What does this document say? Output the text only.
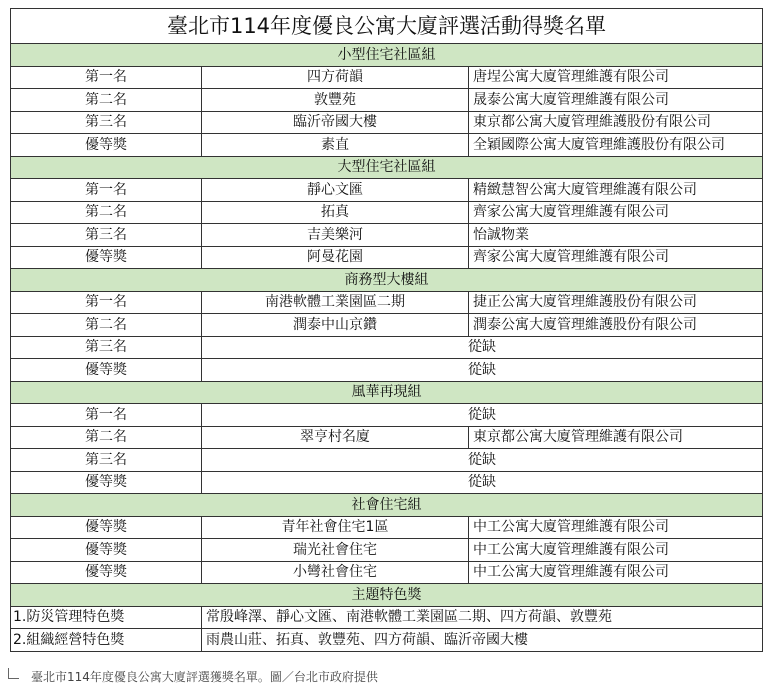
臺北市114年度優良公寓大廈評選活動得獎名單		
小型住宅社區組		
第一名	四方荷韻	唐埕公寓大廈管理維護有限公司
第二名	敦豐苑	晟泰公寓大廈管理維護有限公司
第三名	臨沂帝國大樓	東京都公寓大廈管理維護股份有限公司
優等獎	素直	全穎國際公寓大廈管理維護股份有限公司
大型住宅社區組		
第一名	靜心文匯	精緻慧智公寓大廈管理維護有限公司
第二名	拓真	齊家公寓大廈管理維護有限公司
第三名	吉美樂河	怡誠物業
優等獎	阿曼花園	齊家公寓大廈管理維護有限公司
商務型大樓組		
第一名	南港軟體工業園區二期	捷正公寓大廈管理維護股份有限公司
第二名	潤泰中山京鑽	潤泰公寓大廈管理維護股份有限公司
第三名	從缺	
優等獎	從缺	
風華再現組		
第一名	從缺	
第二名	翠亨村名廈	東京都公寓大廈管理維護有限公司
第三名	從缺	
優等獎	從缺	
社會住宅組		
優等獎	青年社會住宅1區	中工公寓大廈管理維護有限公司
優等獎	瑞光社會住宅	中工公寓大廈管理維護有限公司
優等獎	小彎社會住宅	中工公寓大廈管理維護有限公司
主題特色獎		
1.防災管理特色獎	常殷峰澤、靜心文匯、南港軟體工業園區二期、四方荷韻、敦豐苑	
2.組織經營特色獎	雨農山莊、拓真、敦豐苑、四方荷韻、臨沂帝國大樓	
臺北市114年度優良公寓大廈評選獲獎名單。圖／台北市政府提供
